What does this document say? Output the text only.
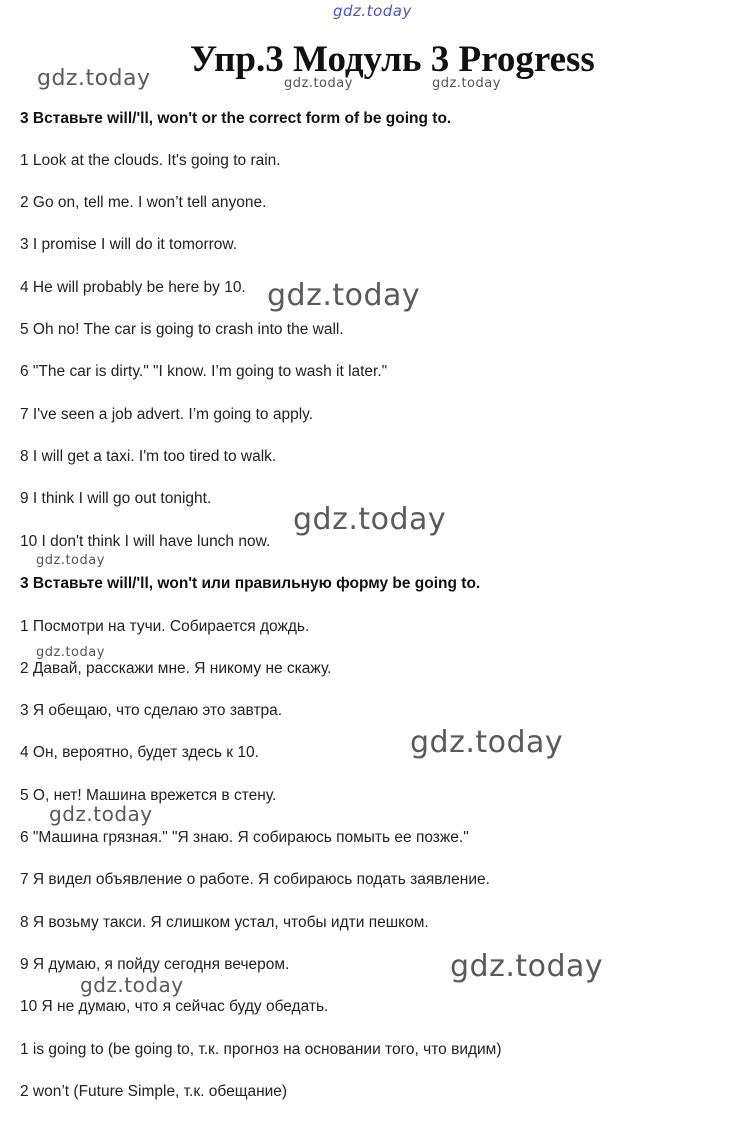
gdz.today
gdz.today	gdz.today	gdz.today
gdz.today
gdz.today
gdz.today
gdz.today
gdz.today
gdz.today
gdz.today
gdz.today
Упр.3 Модуль 3 Progress
3 Вставьте will/'ll, won't or the correct form of be going to.
1 Look at the clouds. It's going to rain.
2 Go on, tell me. I won’t tell anyone.
3 I promise I will do it tomorrow.
4 He will probably be here by 10.
5 Oh no! The car is going to crash into the wall.
6 "The car is dirty." "I know. I’m going to wash it later."
7 I've seen a job advert. I’m going to apply.
8 I will get a taxi. I'm too tired to walk.
9 I think I will go out tonight.
10 I don't think I will have lunch now.
3 Вставьте will/'ll, won't или правильную форму be going to.
1 Посмотри на тучи. Собирается дождь.
2 Давай, расскажи мне. Я никому не скажу.
3 Я обещаю, что сделаю это завтра.
4 Он, вероятно, будет здесь к 10.
5 О, нет! Машина врежется в стену.
6 "Машина грязная." "Я знаю. Я собираюсь помыть ее позже."
7 Я видел объявление о работе. Я собираюсь подать заявление.
8 Я возьму такси. Я слишком устал, чтобы идти пешком.
9 Я думаю, я пойду сегодня вечером.
10 Я не думаю, что я сейчас буду обедать.
1 is going to (be going to, т.к. прогноз на основании того, что видим)
2 won’t (Future Simple, т.к. обещание)
